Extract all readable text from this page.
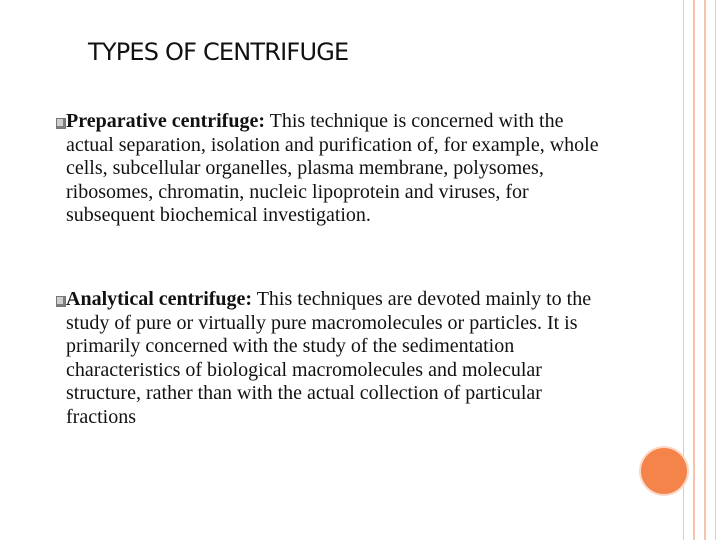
TYPES OF CENTRIFUGE

Preparative centrifuge: This technique is concerned with the actual separation, isolation and purification of, for example, whole cells, subcellular organelles, plasma membrane, polysomes, ribosomes, chromatin, nucleic lipoprotein and viruses, for subsequent biochemical investigation.

Analytical centrifuge: This techniques are devoted mainly to the study of pure or virtually pure macromolecules or particles. It is primarily concerned with the study of the sedimentation characteristics of biological macromolecules and molecular structure, rather than with the actual collection of particular fractions
